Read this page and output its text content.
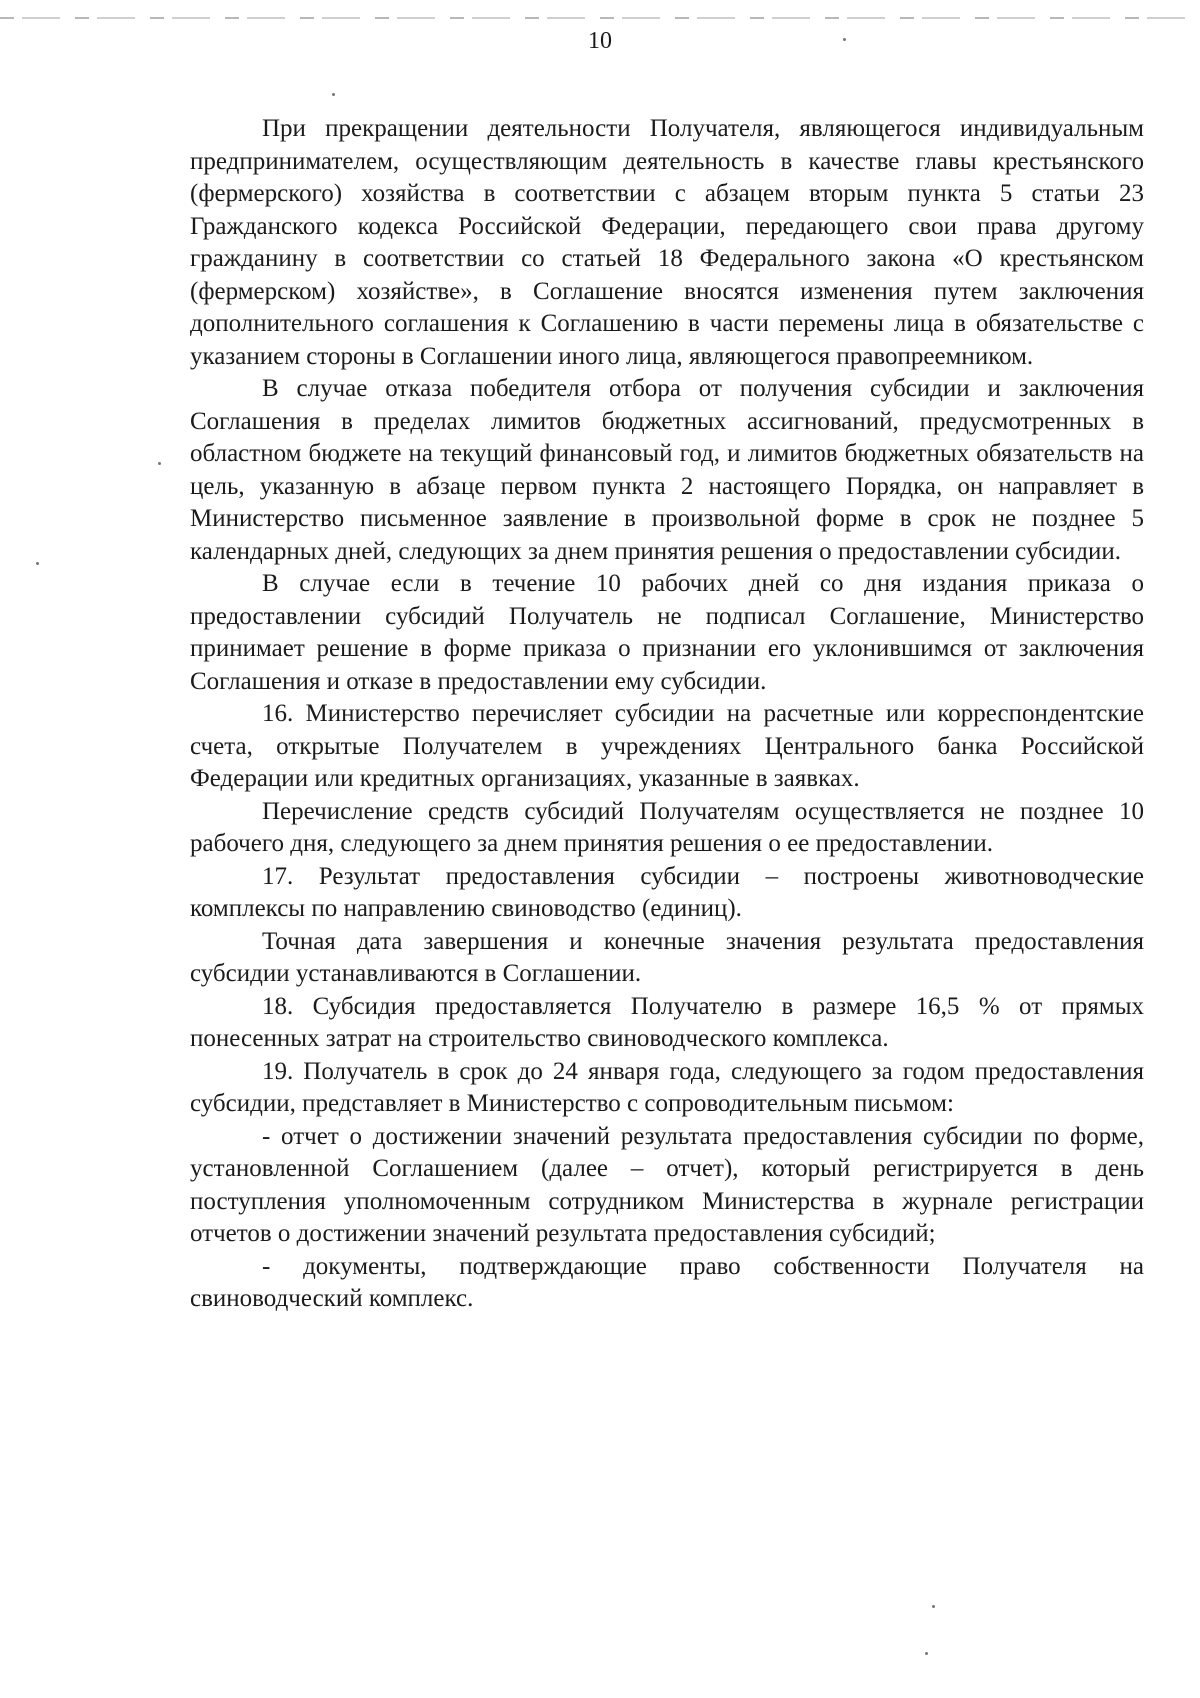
10

При прекращении деятельности Получателя, являющегося индивидуальным предпринимателем, осуществляющим деятельность в качестве главы крестьянского (фермерского) хозяйства в соответствии с абзацем вторым пункта 5 статьи 23 Гражданского кодекса Российской Федерации, передающего свои права другому гражданину в соответствии со статьей 18 Федерального закона «О крестьянском (фермерском) хозяйстве», в Соглашение вносятся изменения путем заключения дополнительного соглашения к Соглашению в части перемены лица в обязательстве с указанием стороны в Соглашении иного лица, являющегося правопреемником.

В случае отказа победителя отбора от получения субсидии и заключения Соглашения в пределах лимитов бюджетных ассигнований, предусмотренных в областном бюджете на текущий финансовый год, и лимитов бюджетных обязательств на цель, указанную в абзаце первом пункта 2 настоящего Порядка, он направляет в Министерство письменное заявление в произвольной форме в срок не позднее 5 календарных дней, следующих за днем принятия решения о предоставлении субсидии.

В случае если в течение 10 рабочих дней со дня издания приказа о предоставлении субсидий Получатель не подписал Соглашение, Министерство принимает решение в форме приказа о признании его уклонившимся от заключения Соглашения и отказе в предоставлении ему субсидии.

16. Министерство перечисляет субсидии на расчетные или корреспондентские счета, открытые Получателем в учреждениях Центрального банка Российской Федерации или кредитных организациях, указанные в заявках.

Перечисление средств субсидий Получателям осуществляется не позднее 10 рабочего дня, следующего за днем принятия решения о ее предоставлении.

17. Результат предоставления субсидии – построены животноводческие комплексы по направлению свиноводство (единиц).

Точная дата завершения и конечные значения результата предоставления субсидии устанавливаются в Соглашении.

18. Субсидия предоставляется Получателю в размере 16,5 % от прямых понесенных затрат на строительство свиноводческого комплекса.

19. Получатель в срок до 24 января года, следующего за годом предоставления субсидии, представляет в Министерство с сопроводительным письмом:

- отчет о достижении значений результата предоставления субсидии по форме, установленной Соглашением (далее – отчет), который регистрируется в день поступления уполномоченным сотрудником Министерства в журнале регистрации отчетов о достижении значений результата предоставления субсидий;

- документы, подтверждающие право собственности Получателя на свиноводческий комплекс.
